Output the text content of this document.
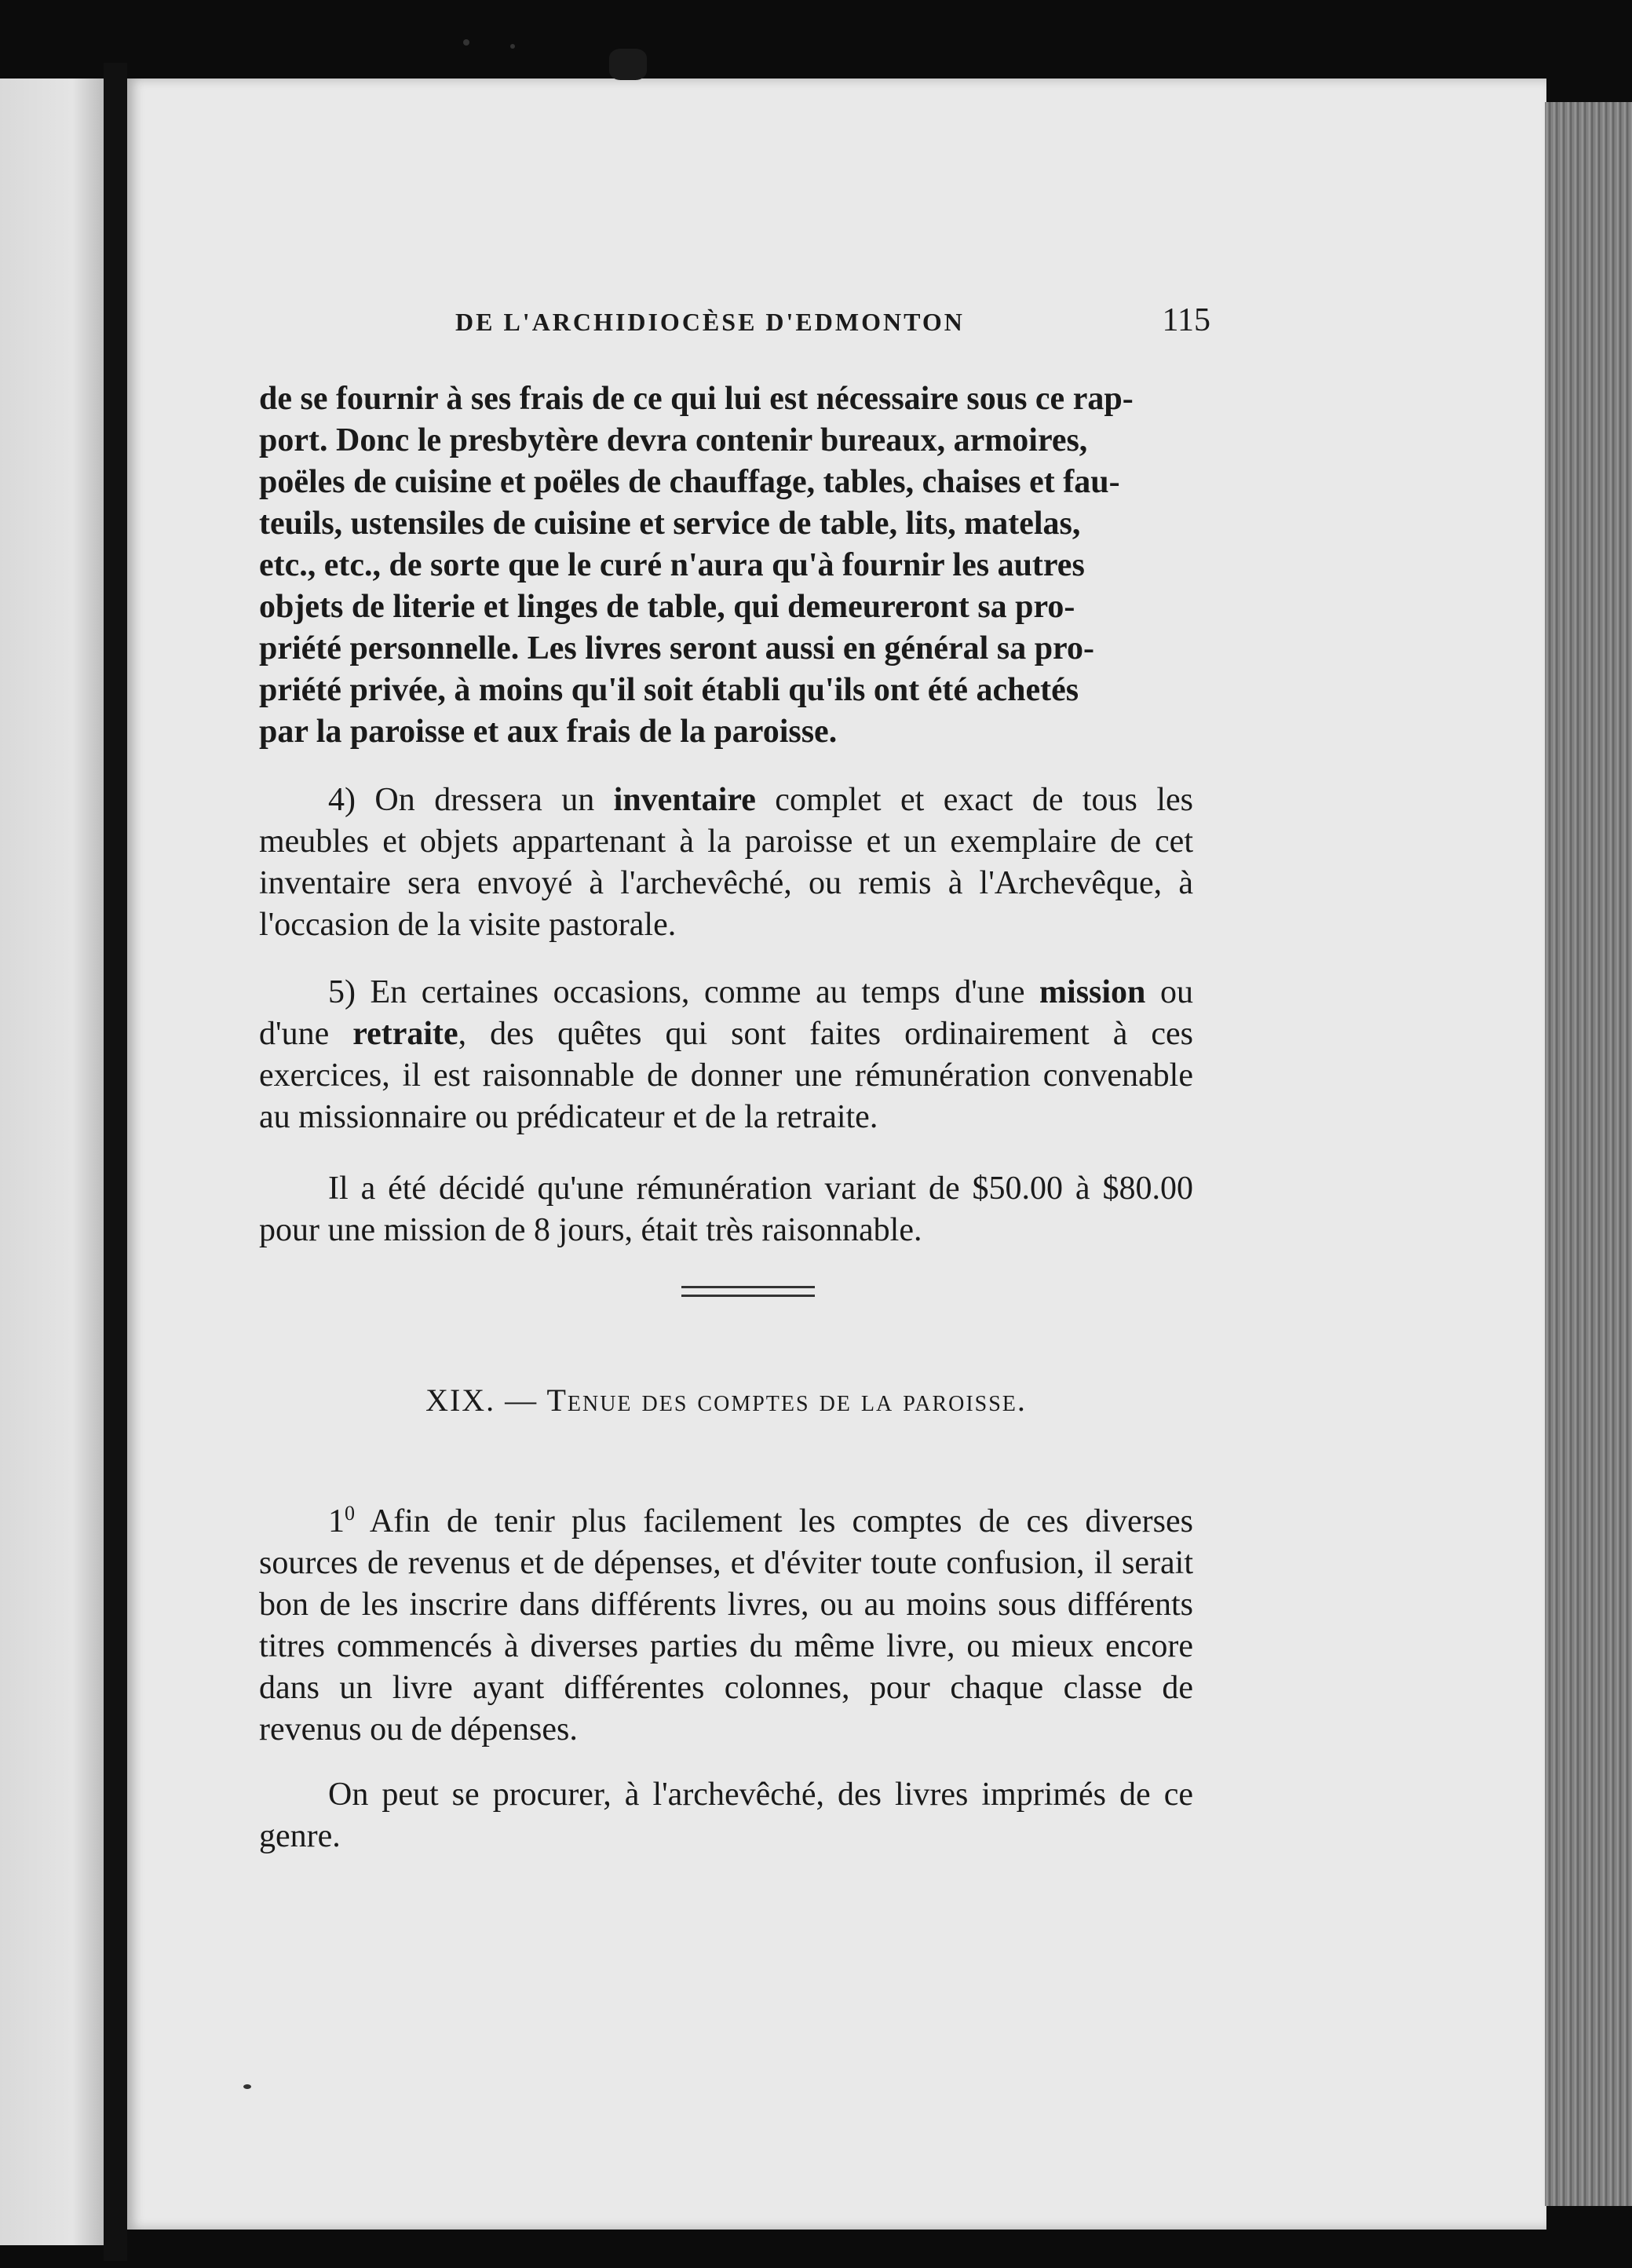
DE L'ARCHIDIOCÈSE D'EDMONTON	115

de se fournir à ses frais de ce qui lui est nécessaire sous ce rap-

port. Donc le presbytère devra contenir bureaux, armoires,

poëles de cuisine et poëles de chauffage, tables, chaises et fau-

teuils, ustensiles de cuisine et service de table, lits, matelas,

etc., etc., de sorte que le curé n'aura qu'à fournir les autres

objets de literie et linges de table, qui demeureront sa pro-

priété personnelle. Les livres seront aussi en général sa pro-

priété privée, à moins qu'il soit établi qu'ils ont été achetés

par la paroisse et aux frais de la paroisse.

4) On dressera un inventaire complet et exact de tous les meubles et objets appartenant à la paroisse et un exemplaire de cet inventaire sera envoyé à l'archevêché, ou remis à l'Archevêque, à l'occasion de la visite pastorale.

5) En certaines occasions, comme au temps d'une mission ou d'une retraite, des quêtes qui sont faites ordinairement à ces exercices, il est raisonnable de donner une rémunération convenable au missionnaire ou prédicateur et de la retraite.

Il a été décidé qu'une rémunération variant de $50.00 à $80.00 pour une mission de 8 jours, était très raisonnable.

XIX. — Tenue des comptes de la paroisse.

$1^0$ Afin de tenir plus facilement les comptes de ces diverses sources de revenus et de dépenses, et d'éviter toute confusion, il serait bon de les inscrire dans différents livres, ou au moins sous différents titres commencés à diverses parties du même livre, ou mieux encore dans un livre ayant différentes colonnes, pour chaque classe de revenus ou de dépenses.

On peut se procurer, à l'archevêché, des livres imprimés de ce genre.
